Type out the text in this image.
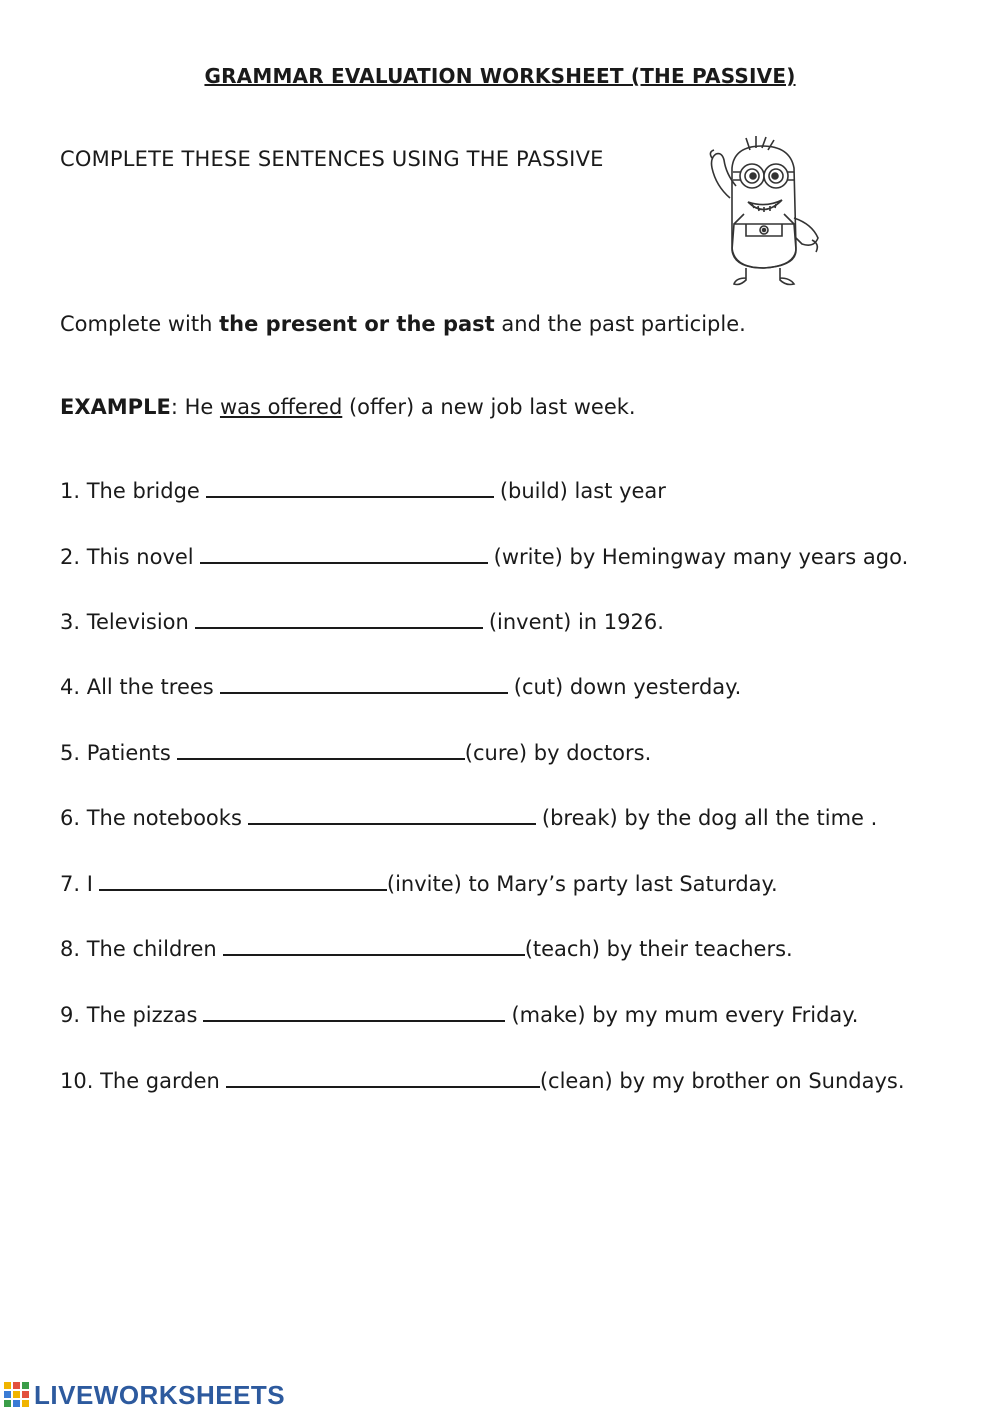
GRAMMAR EVALUATION WORKSHEET (THE PASSIVE)

COMPLETE THESE SENTENCES USING THE PASSIVE

Complete with the present or the past and the past participle.

EXAMPLE: He was offered (offer) a new job last week.

1. The bridge	(build) last year

2. This novel	(write) by Hemingway many years ago.

3. Television	(invent) in 1926.

4. All the trees	(cut) down yesterday.

5. Patients	(cure) by doctors.

6. The notebooks	(break) by the dog all the time .

7. I	(invite) to Mary’s party last Saturday.

8. The children	(teach) by their teachers.

9. The pizzas	(make) by my mum every Friday.

10. The garden	(clean) by my brother on Sundays.

LIVEWORKSHEETS
